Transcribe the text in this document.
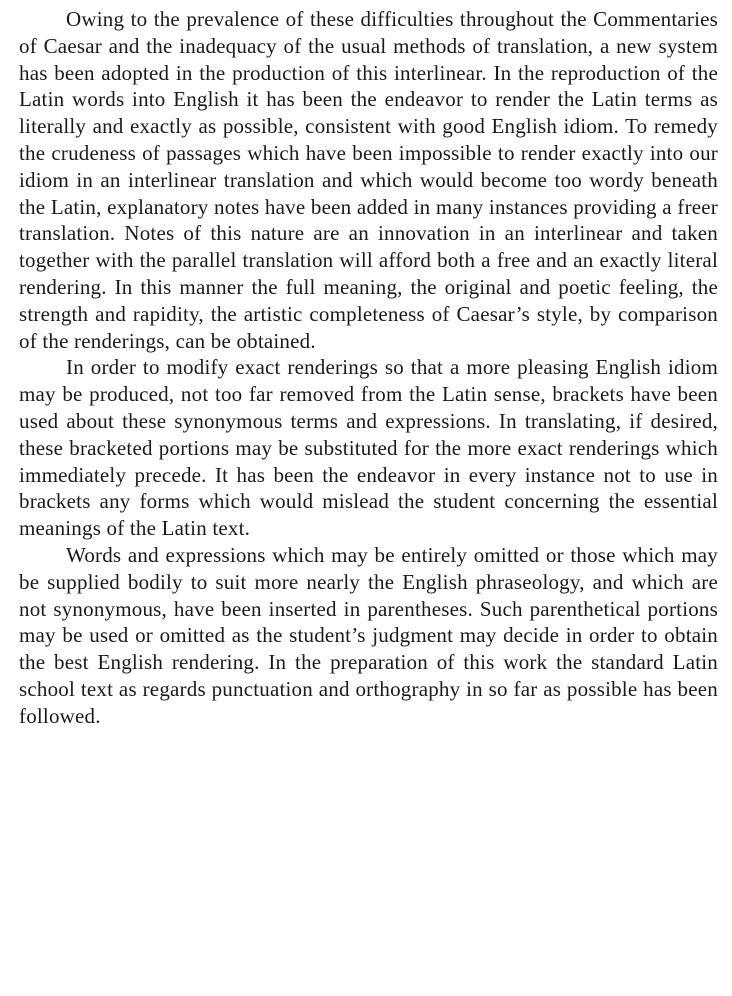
Owing to the prevalence of these difficulties throughout the Commentaries of Caesar and the inadequacy of the usual methods of translation, a new system has been adopted in the production of this interlinear. In the reproduction of the Latin words into English it has been the endeavor to render the Latin terms as literally and exactly as possible, consistent with good English idiom. To remedy the crudeness of passages which have been impossible to render exactly into our idiom in an interlinear translation and which would become too wordy beneath the Latin, explanatory notes have been added in many instances providing a freer translation. Notes of this nature are an innovation in an interlinear and taken together with the parallel translation will afford both a free and an exactly literal rendering. In this manner the full meaning, the original and poetic feeling, the strength and rapidity, the artistic completeness of Caesar’s style, by comparison of the renderings, can be obtained.

In order to modify exact renderings so that a more pleasing English idiom may be produced, not too far removed from the Latin sense, brackets have been used about these synonymous terms and expressions. In translating, if desired, these bracketed portions may be substituted for the more exact renderings which immediately precede. It has been the endeavor in every instance not to use in brackets any forms which would mislead the student concerning the essential meanings of the Latin text.

Words and expressions which may be entirely omitted or those which may be supplied bodily to suit more nearly the English phraseology, and which are not synonymous, have been inserted in parentheses. Such parenthetical portions may be used or omitted as the student’s judgment may decide in order to obtain the best English rendering. In the preparation of this work the standard Latin school text as regards punctuation and orthography in so far as possible has been followed.
